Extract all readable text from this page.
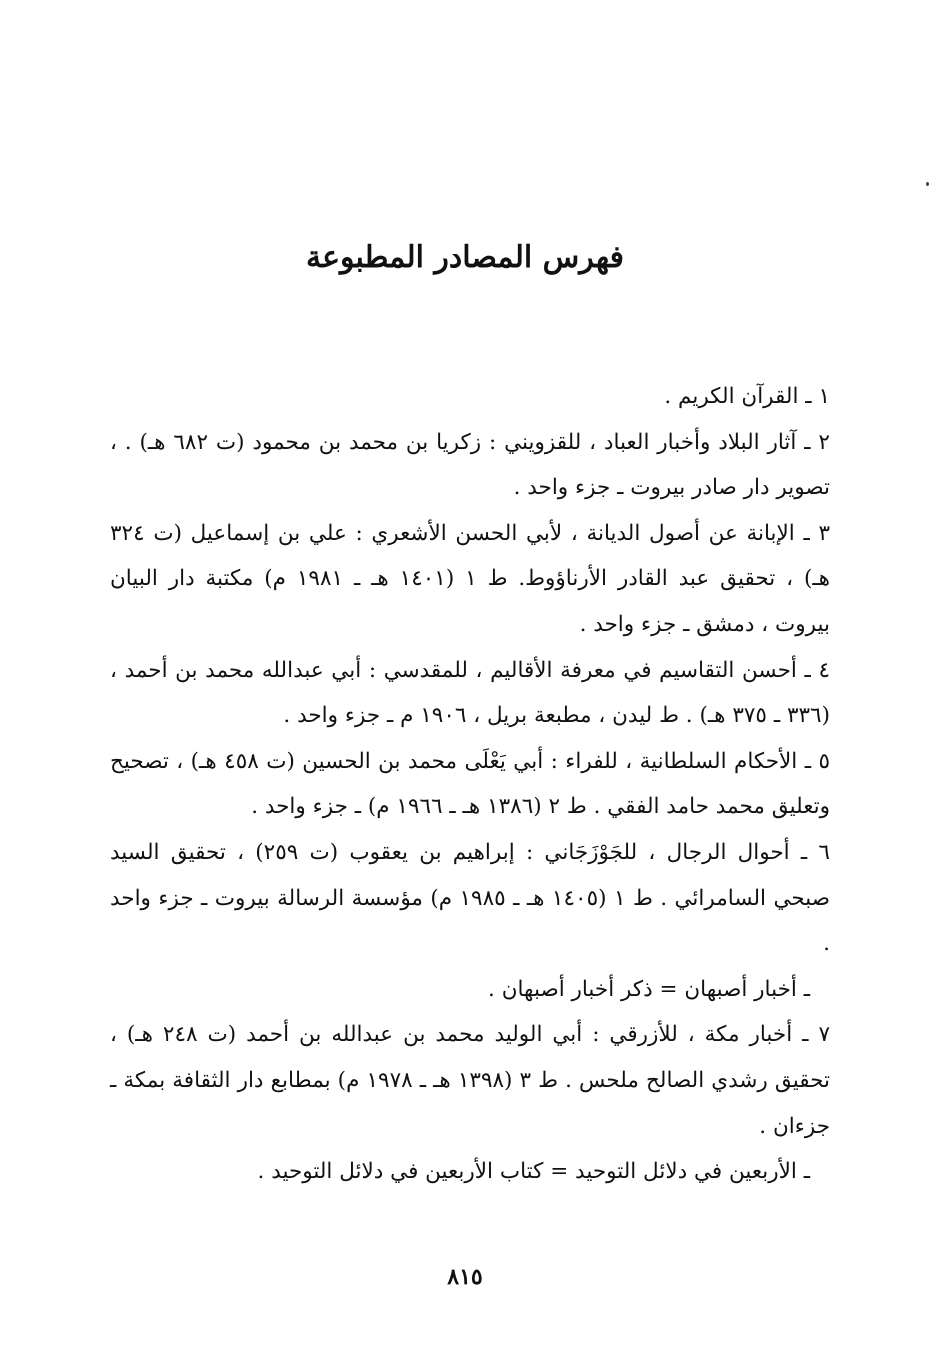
فهرس المصادر المطبوعة

١ ـ القرآن الكريم .

٢ ـ آثار البلاد وأخبار العباد ، للقزويني : زكريا بن محمد بن محمود (ت ٦٨٢ هـ) . ، تصوير دار صادر بيروت ـ جزء واحد .

٣ ـ الإبانة عن أصول الديانة ، لأبي الحسن الأشعري : علي بن إسماعيل (ت ٣٢٤ هـ) ، تحقيق عبد القادر الأرناؤوط. ط ١ (١٤٠١ هـ ـ ١٩٨١ م) مكتبة دار البيان بيروت ، دمشق ـ جزء واحد .

٤ ـ أحسن التقاسيم في معرفة الأقاليم ، للمقدسي : أبي عبدالله محمد بن أحمد ، (٣٣٦ ـ ٣٧٥ هـ) . ط ليدن ، مطبعة بريل ، ١٩٠٦ م ـ جزء واحد .

٥ ـ الأحكام السلطانية ، للفراء : أبي يَعْلَى محمد بن الحسين (ت ٤٥٨ هـ) ، تصحيح وتعليق محمد حامد الفقي . ط ٢ (١٣٨٦ هـ ـ ١٩٦٦ م) ـ جزء واحد .

٦ ـ أحوال الرجال ، للجَوْزَجَاني : إبراهيم بن يعقوب (ت ٢٥٩) ، تحقيق السيد صبحي السامرائي . ط ١ (١٤٠٥ هـ ـ ١٩٨٥ م) مؤسسة الرسالة بيروت ـ جزء واحد .

ـ أخبار أصبهان = ذكر أخبار أصبهان .

٧ ـ أخبار مكة ، للأزرقي : أبي الوليد محمد بن عبدالله بن أحمد (ت ٢٤٨ هـ) ، تحقيق رشدي الصالح ملحس . ط ٣ (١٣٩٨ هـ ـ ١٩٧٨ م) بمطابع دار الثقافة بمكة ـ جزءان .

ـ الأربعين في دلائل التوحيد = كتاب الأربعين في دلائل التوحيد .

٨١٥
